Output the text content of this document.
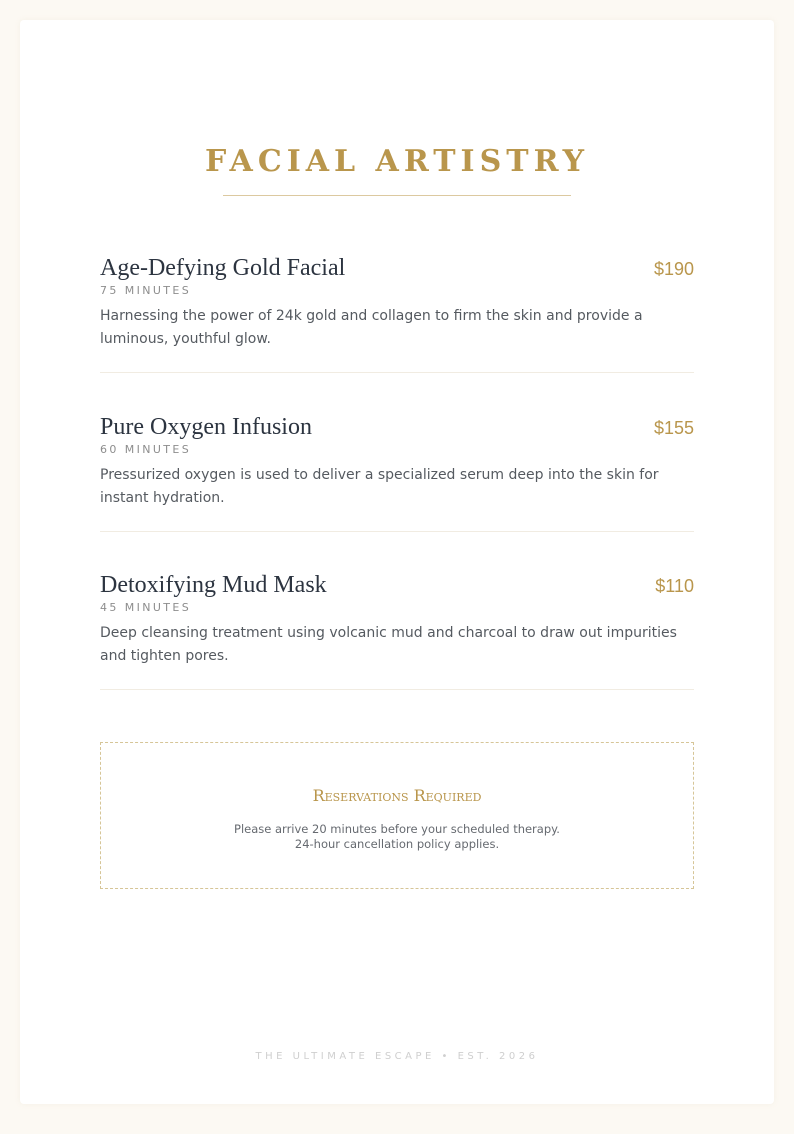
FACIAL ARTISTRY
Age-Defying Gold Facial	$190
75 MINUTES
Harnessing the power of 24k gold and collagen to firm the skin and provide a luminous, youthful glow.
Pure Oxygen Infusion	$155
60 MINUTES
Pressurized oxygen is used to deliver a specialized serum deep into the skin for instant hydration.
Detoxifying Mud Mask	$110
45 MINUTES
Deep cleansing treatment using volcanic mud and charcoal to draw out impurities and tighten pores.
Reservations Required
Please arrive 20 minutes before your scheduled therapy.
24-hour cancellation policy applies.
THE ULTIMATE ESCAPE • EST. 2026
